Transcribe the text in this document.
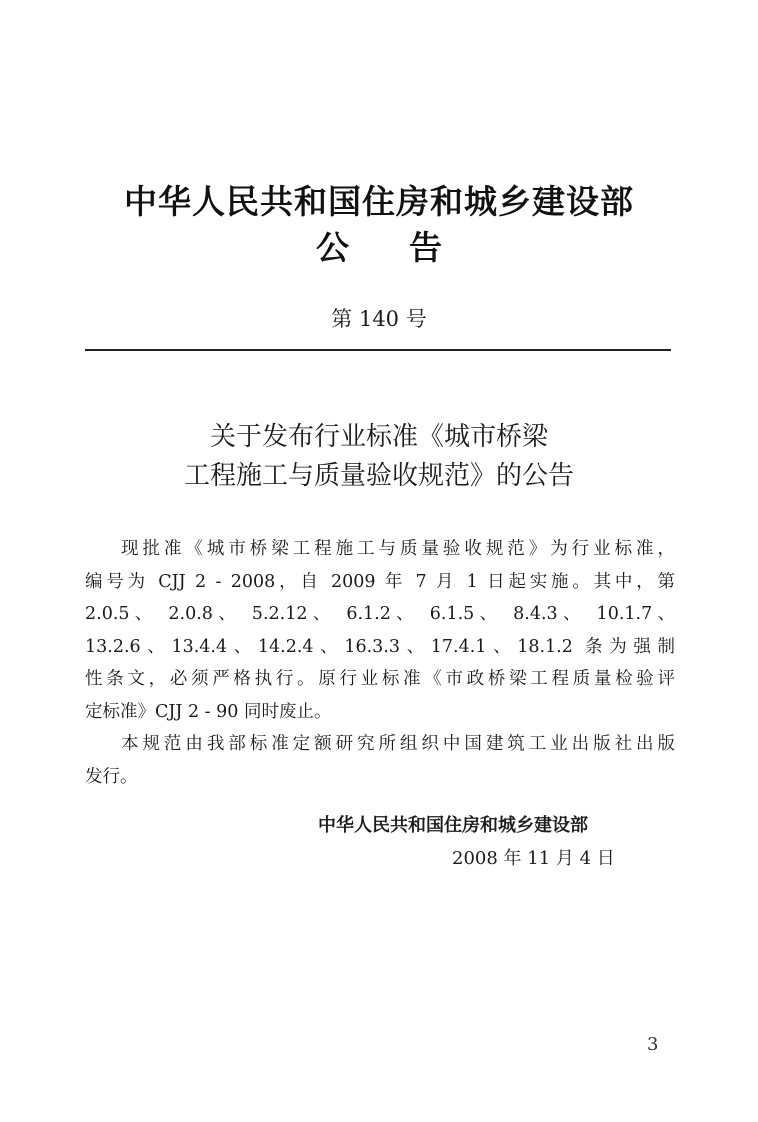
中华人民共和国住房和城乡建设部
公告
第 140 号
关于发布行业标准《城市桥梁
工程施工与质量验收规范》的公告
现批准《城市桥梁工程施工与质量验收规范》为行业标准，
编号为 CJJ 2 - 2008，自 2009 年 7 月 1 日起实施。其中，第
2.0.5、 2.0.8、 5.2.12、 6.1.2、 6.1.5、 8.4.3、 10.1.7、
13.2.6、13.4.4、14.2.4、16.3.3、17.4.1、18.1.2 条为强制
性条文，必须严格执行。原行业标准《市政桥梁工程质量检验评
定标准》CJJ 2 - 90 同时废止。
本规范由我部标准定额研究所组织中国建筑工业出版社出版
发行。
中华人民共和国住房和城乡建设部
2008 年 11 月 4 日
3
